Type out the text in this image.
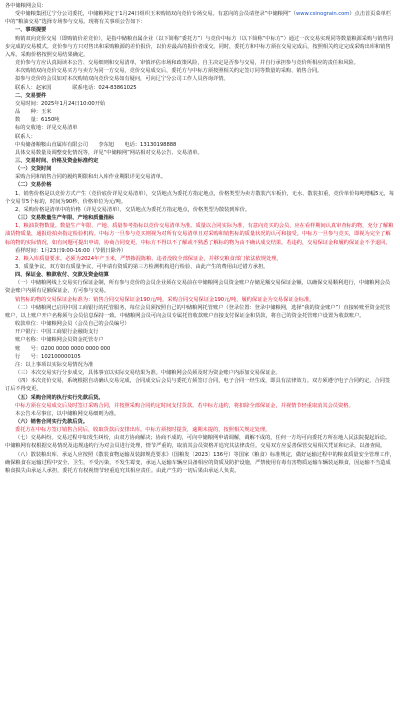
各中储粮网会员：

受中储粮集团辽宁分公司委托，中储粮网定于1月24日组织玉米购销双向竞价专场交易。有意向的会员请登录“中储粮网”（www.csinograin.com）点击首页菜单栏中的“粮油交易”选择专场参与交易。现将有关事项公告如下：

一、事项提要

购销双向竞价交易（即购销价差竞价），是指中储粮直属企业（以下简称“委托方”）与竞价中标方（以下简称“中标方”）通过一次交易实现同等数量粮源采购与销售同步完成的交易模式。竞价参与方只对售出和采购粮源的差价报价，以价差最高的报价者成交。同时，委托方和中标方须在交易完成后，按照相关约定完成采购出库和销售入库。采购价格按照交易结果确定。

竞价参与方应认真阅读本公告、交易细则和交易清单，审慎评估市场和政策风险，自主决定是否参与交易，并自行承担参与竞价所相应的责任和风险。

本次购销双向竞价交易买方与卖方为同一方交易，竞价交易成交后，委托方与中标方须按照相关约定签订同等数量的采购、销售合同。

拟参与竞价的会员如对本次购销双向竞价交易如有疑问，可向辽宁分公司工作人员咨询详情。

联系人：赵家国　　　　联系电话：024-83861025

二、交易要件

交易时间：2025年1月24日10:00开始

品　　种：玉米

数　　量：6150吨

标的交收地：详见交易清单

联系人：

中央储备粮鞍山直属库有限公司　　李东旭　　电话：13130198888

具体交易数量及调整变化情况等，详见“中储粮网”网站相对交易公告、交易清单。

三、交易时间、价格及资金标准约定

（一）交货时间

采购合同和销售合同的履约期限和出入库作业期限详见交易清单。

（二）交易价格

1、销售价格是以竞价方式产生（竞价底价详见交易清单），交货地点为委托方指定地点，价格类型为卖方散装汽车板价，无水、散装扣重，竞价单价每吨增幅5元，每个交易节5个标的，时间为90秒，价格单位为元/吨。

2、采购价格是清单中的价格（详见交易清单），交货地点为委托方指定地点，价格类型为散装到库价。

（三）交易数量生产年限、产地和质量指标

1、粮油货物数量。数量生产年限、产地、质量参考指标以竞价交易清单为准。质量以合同实际为准，有意向竞买的会员，应在看样期间认真审查标的物，充分了解粮油货物质量，通报给拍卖指定检验机构。中标方一旦参与竞买则视为对所有交易清单且对采购和销售标的质量状况的认可和接受。中标方一旦参与竞买，即视为完全了解标的物的实际情况，如有问题可提出申请，协商合同变更。中标方不得以不了解或不熟悉了解标的物为由不确认成交结果。若违约，交易保证金和履约保证金不予退回。

看样时间：1月23日9:00-16:00（节假日除外）

2、粮入库质量要求。必须为2024年产玉米，严禁掺混陈粮、违者没收全部保证金，并移交粮食部门依法依规处理。

3、质量争议。双方如有质量争议，可申请有资质的第三方检测机构进行检验，由此产生的费用由过错方承担。

四、保证金、粮款收付、交款及资金结算

（一）中储粮网线上交易实行保证金制，所有参与竞价的会员企业须在交易前在中储粮网会员资金账户存储足额交易保证金额，以确保交易顺利进行，中储粮网会员资金账户内须有足额保证金，方可参与交易。

销售标的物的交易保证金标准为：销售合同交易保证金190元/吨，采购合同交易保证金190元/吨，履约保证金为交易保证金标准。

（二）中储粮网已启用中国工商银行的托管服务，每位会员须按照自己的中储粮网托管账户（登录位置：登录中储粮网，选择“我的资金账户”）直接转账至资金托管账户，以上账户开户名称须与会员信息保持一致。中储粮网会员可向会员专属托管收款账户直接支付保证金和货款，将自己的资金托管账户设置为收款账户。

收款单位：中储粮网会员（会员自己的会员编号）

开户银行：中国工商银行金融街支行

账户名称：中储粮网会员资金托管专户

账　　号：0200 0000 0000 0000 000

行　　号：102100000105

注：以上事项以实际交易情况为准

（三）本次交易实行分步成交，具体事宜以实际交易结果为准。中储粮网会员须及时为资金账户内添加交易保证金。

（四）本次竞价交易，系统根据自动确认交易完成，合同成交后会员与委托方须签订合同，电子合同一经生成，即具有法律效力。双方须遵守电子合同约定，合同签订后不得变更。

（五）采购合同的执行实行先款后货。

中标方须在交易成交后及时签订采购合同，并按照采购合同约定时间支付货款。若中标方违约，将扣除全部保证金，并视情节轻重取消其会员资格。

本公告未尽事宜，以中储粮网交易细则为准。

（六）销售合同实行先款后货。

委托方在中标方签订销售合同后，收取货款后安排出库。中标方须按时提货，逾期未提的，按照相关规定处理。

（七）交易纠纷。交易过程中如发生纠纷，由双方协商解决；协商不成的，可向中储粮网申请调解，调解不成的，任何一方均可向委托方所在地人民法院提起诉讼。中储粮网有权根据交易情况及违规违约行为对会员进行处理，情节严重的，取消其会员资格并追究其法律责任。交易双方应妥善保管交易相关凭证和记录，以备查阅。

（八）散装粮出库、承运人应按照《散装食物运输及装卸规范要求》（国粮发〔2023〕136号）等国家（粮食）标准规定，做好运输过程中的粮食质量安全管理工作，确保粮食在运输过程中安全、卫生，不受污染，不发生霉变，承运人运输车辆应具备相应的资质及防护设施，严禁使用有毒有害物质运输车辆装运粮食，因运输不当造成粮食损失由承运人承担，委托方有权视情节轻重追究其相应责任。由此产生的一切后果由承运人负责。
